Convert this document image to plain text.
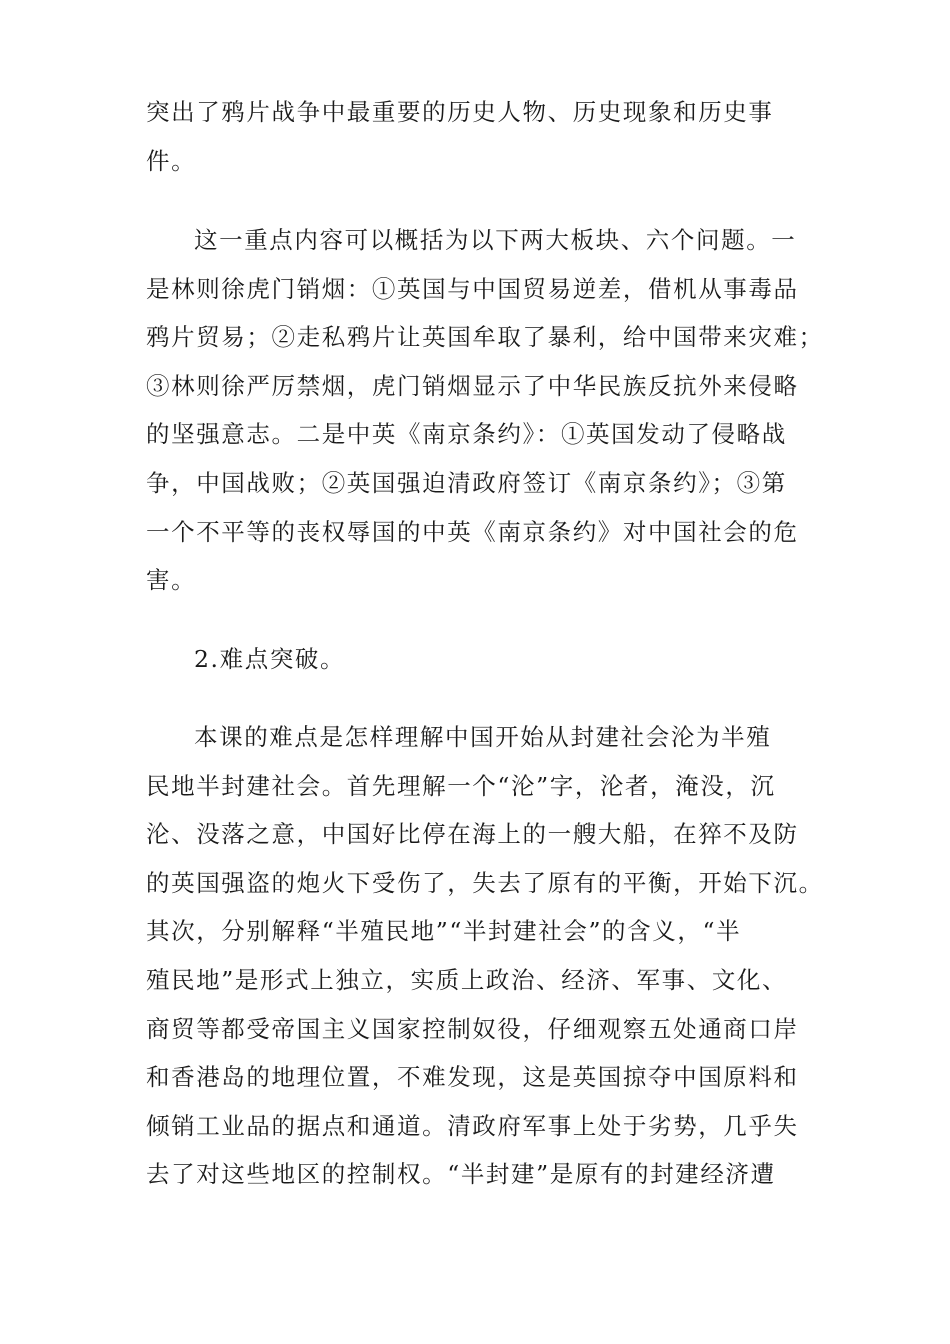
突出了鸦片战争中最重要的历史人物、历史现象和历史事
件。
这一重点内容可以概括为以下两大板块、六个问题。一
是林则徐虎门销烟：①英国与中国贸易逆差，借机从事毒品
鸦片贸易；②走私鸦片让英国牟取了暴利，给中国带来灾难；
③林则徐严厉禁烟，虎门销烟显示了中华民族反抗外来侵略
的坚强意志。二是中英《南京条约》：①英国发动了侵略战
争，中国战败；②英国强迫清政府签订《南京条约》；③第
一个不平等的丧权辱国的中英《南京条约》对中国社会的危
害。
2.难点突破。
本课的难点是怎样理解中国开始从封建社会沦为半殖
民地半封建社会。首先理解一个“沦”字，沦者，淹没，沉
沦、没落之意，中国好比停在海上的一艘大船，在猝不及防
的英国强盗的炮火下受伤了，失去了原有的平衡，开始下沉。
其次，分别解释“半殖民地”“半封建社会”的含义，“半
殖民地”是形式上独立，实质上政治、经济、军事、文化、
商贸等都受帝国主义国家控制奴役，仔细观察五处通商口岸
和香港岛的地理位置，不难发现，这是英国掠夺中国原料和
倾销工业品的据点和通道。清政府军事上处于劣势，几乎失
去了对这些地区的控制权。“半封建”是原有的封建经济遭
